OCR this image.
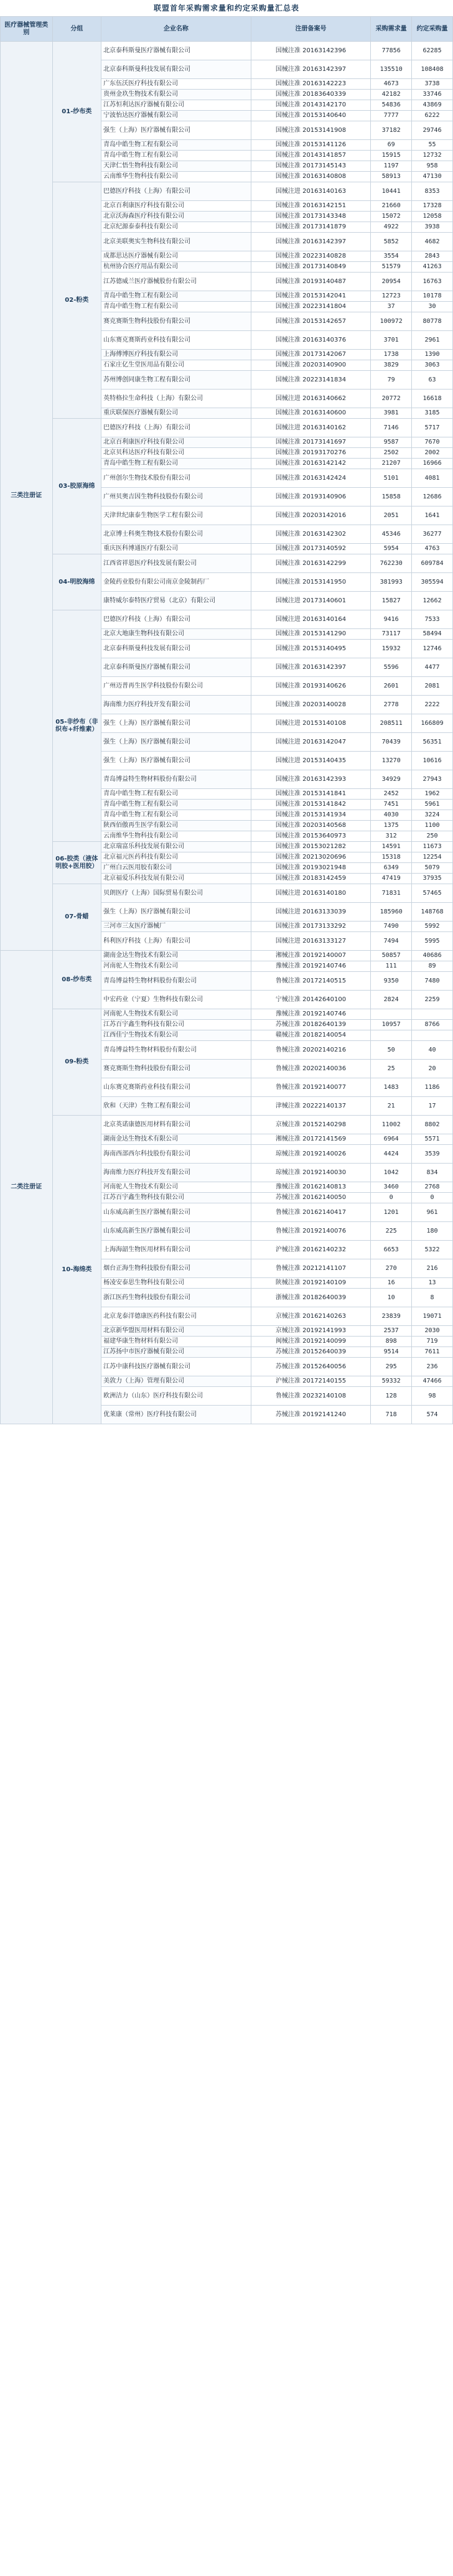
联盟首年采购需求量和约定采购量汇总表
医疗器械管理类别	分组	企业名称	注册备案号	采购需求量	约定采购量
三类注册证	01-纱布类	北京泰科斯曼医疗器械有限公司	国械注准 20163142396	77856	62285
		北京泰科斯曼科技发展有限公司	国械注准 20163142397	135510	108408
		广东伍沃医疗科技有限公司	国械注准 20163142223	4673	3738
		贵州金玖生物技术有限公司	国械注准 20183640339	42182	33746
		江苏恒利达医疗器械有限公司	国械注准 20143142170	54836	43869
		宁波怡达医疗器械有限公司	国械注准 20153140640	7777	6222
		强生（上海）医疗器械有限公司	国械注准 20153141908	37182	29746
		青岛中皓生物工程有限公司	国械注准 20153141126	69	55
		青岛中皓生物工程有限公司	国械注准 20143141857	15915	12732
		天津仁悟生物科技有限公司	国械注准 20173145143	1197	958
		云南维华生物科技有限公司	国械注准 20163140808	58913	47130
	02-粉类	巴德医疗科技（上海）有限公司	国械注进 20163140163	10441	8353
		北京百利康医疗科技有限公司	国械注准 20163142151	21660	17328
		北京沃海森医疗科技有限公司	国械注准 20173143348	15072	12058
		北京纪源泰泰科技有限公司	国械注准 20173141879	4922	3938
		北京美联奥实生物科技有限公司	国械注准 20163142397	5852	4682
		成都思达医疗器械有限公司	国械注准 20223140828	3554	2843
		杭州协合医疗用品有限公司	国械注准 20173140849	51579	41263
		江苏德威兰医疗器械股份有限公司	国械注准 20193140487	20954	16763
		青岛中皓生物工程有限公司	国械注准 20153142041	12723	10178
		青岛中皓生物工程有限公司	国械注准 20223141804	37	30
		赛克赛斯生物科技股份有限公司	国械注准 20153142657	100972	80778
		山东赛克赛斯药业科技有限公司	国械注准 20163140376	3701	2961
		上海傅博医疗科技有限公司	国械注准 20173142067	1738	1390
		石家庄亿生堂医用品有限公司	国械注准 20203140900	3829	3063
		苏州博创同康生物工程有限公司	国械注准 20223141834	79	63
		英特格拉生命科技（上海）有限公司	国械注进 20163140662	20772	16618
		重庆联保医疗器械有限公司	国械注准 20163140600	3981	3185
	03-胶原海绵	巴德医疗科技（上海）有限公司	国械注进 20163140162	7146	5717
		北京百利康医疗科技有限公司	国械注准 20173141697	9587	7670
		北京贝科达医疗科技有限公司	国械注准 20193170276	2502	2002
		青岛中皓生物工程有限公司	国械注准 20163142142	21207	16966
		广州创尔生物技术股份有限公司	国械注准 20163142424	5101	4081
		广州贝奥吉因生物科技股份有限公司	国械注准 20193140906	15858	12686
		天津世纪康泰生物医学工程有限公司	国械注准 20203142016	2051	1641
		北京博士科奥生物技术股份有限公司	国械注准 20163142302	45346	36277
		重庆医科博通医疗有限公司	国械注准 20173140592	5954	4763
	04-明胶海绵	江西省祥恩医疗科技发展有限公司	国械注准 20163142299	762230	609784
		金陵药业股份有限公司南京金陵制药厂	国械注准 20153141950	381993	305594
		康特威尔泰特医疗贸易（北京）有限公司	国械注进 20173140601	15827	12662
	05-非纱布（非织布+纤维素）	巴德医疗科技（上海）有限公司	国械注进 20163140164	9416	7533
		北京大地康生物科技有限公司	国械注准 20153141290	73117	58494
		北京泰科斯曼科技发展有限公司	国械注准 20153140495	15932	12746
		北京泰科斯曼医疗器械有限公司	国械注准 20163142397	5596	4477
		广州迈普再生医学科技股份有限公司	国械注准 20193140626	2601	2081
		海南维力医疗科技开发有限公司	国械注准 20203140028	2778	2222
		强生（上海）医疗器械有限公司	国械注进 20153140108	208511	166809
		强生（上海）医疗器械有限公司	国械注进 20163142047	70439	56351
		强生（上海）医疗器械有限公司	国械注进 20153140435	13270	10616
		青岛博益特生物材料股份有限公司	国械注准 20163142393	34929	27943
		青岛中皓生物工程有限公司	国械注准 20153141841	2452	1962
		青岛中皓生物工程有限公司	国械注准 20153141842	7451	5961
		青岛中皓生物工程有限公司	国械注准 20153141934	4030	3224
		陕西佰傲再生医学有限公司	国械注准 20203140568	1375	1100
		云南维华生物科技有限公司	国械注准 20153640973	312	250
	06-胶类（液体明胶+医用胶）	北京瑞富乐科技发展有限公司	国械注准 20153021282	14591	11673
		北京福元医药科技有限公司	国械注准 20213020696	15318	12254
		广州白云医用胶有限公司	国械注准 20193021948	6349	5079
		北京福爱乐科技发展有限公司	国械注准 20183142459	47419	37935
	07-骨蜡	贝朗医疗（上海）国际贸易有限公司	国械注进 20163140180	71831	57465
		强生（上海）医疗器械有限公司	国械注进 20163133039	185960	148768
		三河市三友医疗器械厂	国械注准 20173133292	7490	5992
		科利医疗科技（上海）有限公司	国械注进 20163133127	7494	5995
二类注册证	08-纱布类	湖南金达生物技术有限公司	湘械注准 20192140007	50857	40686
		河南驼人生物技术有限公司	豫械注准 20192140746	111	89
		青岛博益特生物材料股份有限公司	鲁械注准 20172140515	9350	7480
		中宏药业（宁夏）生物科技有限公司	宁械注准 20142640100	2824	2259
	09-粉类	河南驼人生物技术有限公司	豫械注准 20192140746		
		江苏百宇鑫生物科技有限公司	苏械注准 20182640139	10957	8766
		江西佳宁生物技术有限公司	赣械注准 20182140054		
		青岛博益特生物材料股份有限公司	鲁械注准 20202140216	50	40
		赛克赛斯生物科技股份有限公司	鲁械注准 20202140036	25	20
		山东赛克赛斯药业科技有限公司	鲁械注准 20192140077	1483	1186
		欣和（天津）生物工程有限公司	津械注准 20222140137	21	17
	10-海绵类	北京英诺康德医用材料有限公司	京械注准 20152140298	11002	8802
		湖南金达生物技术有限公司	湘械注准 20172141569	6964	5571
		海南西部西尔科技股份有限公司	琼械注准 20192140026	4424	3539
		海南维力医疗科技开发有限公司	琼械注准 20192140030	1042	834
		河南驼人生物技术有限公司	豫械注准 20162140813	3460	2768
		江苏百宇鑫生物科技有限公司	苏械注准 20162140050	0	0
		山东威高新生医疗器械有限公司	鲁械注准 20162140417	1201	961
		山东威高新生医疗器械有限公司	鲁械注准 20192140076	225	180
		上海海韶生物医用材料有限公司	沪械注准 20162140232	6653	5322
		烟台正海生物科技股份有限公司	鲁械注准 20212141107	270	216
		杨凌安泰思生物科技有限公司	陕械注准 20192140109	16	13
		浙江医药生物科技股份有限公司	浙械注准 20182640039	10	8
		北京龙泰洋德康医药科技有限公司	京械注准 20162140263	23839	19071
		北京新华盟医用材料有限公司	京械注准 20192141993	2537	2030
		福建华康生物材料有限公司	闽械注准 20192140099	898	719
		江苏扬中市医疗器械有限公司	苏械注准 20152640039	9514	7611
		江苏中康科技医疗器械有限公司	苏械注准 20152640056	295	236
		美敦力（上海）管理有限公司	沪械注准 20172140155	59332	47466
		欧洲洁力（山东）医疗科技有限公司	鲁械注准 20232140108	128	98
		优莱康（常州）医疗科技有限公司	苏械注准 20192141240	718	574
